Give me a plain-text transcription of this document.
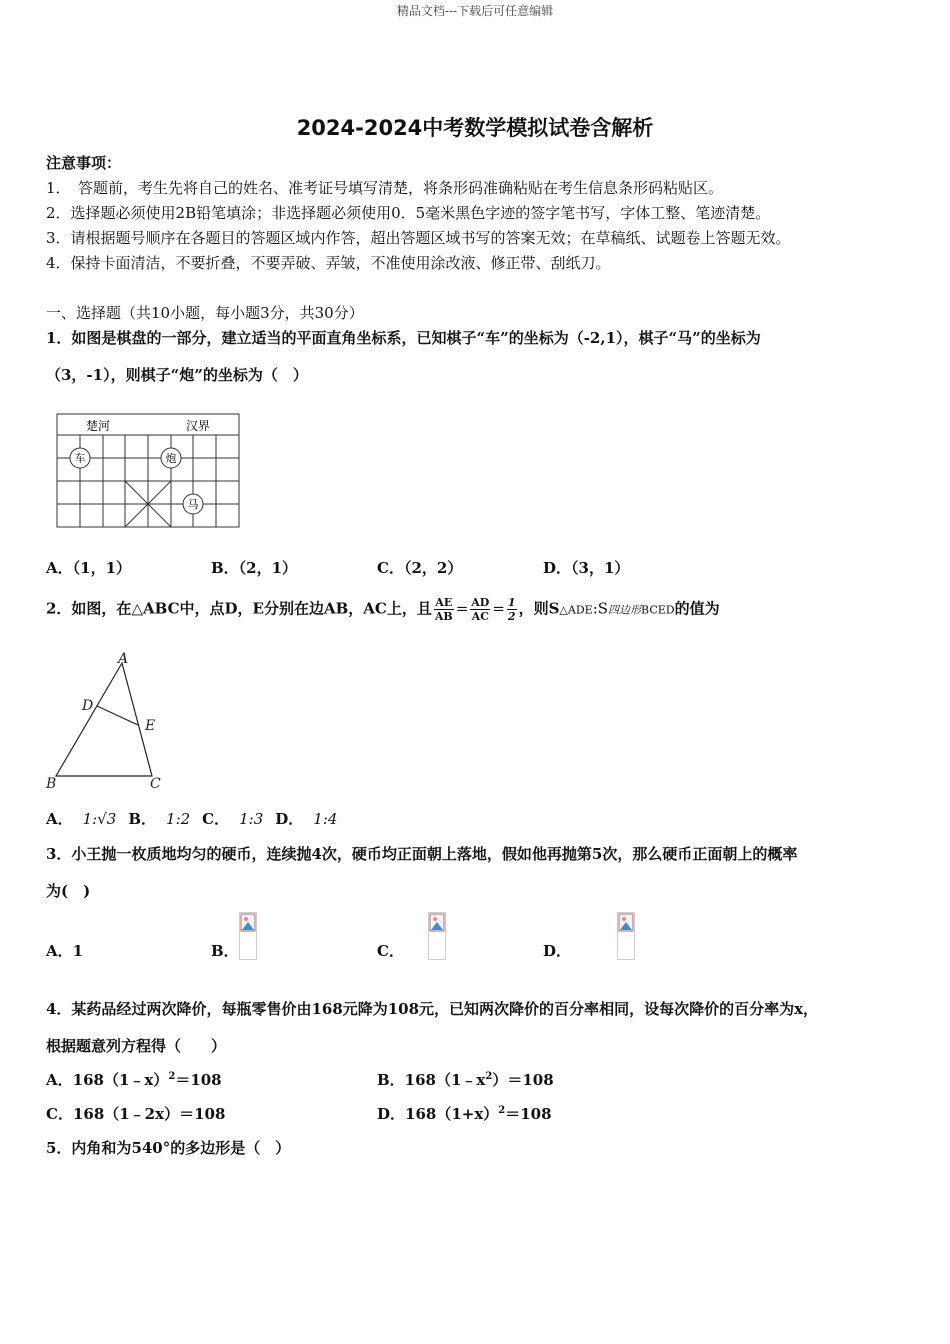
精品文档---下载后可任意编辑
2024-2024中考数学模拟试卷含解析
注意事项：
1．　答题前，考生先将自己的姓名、准考证号填写清楚，将条形码准确粘贴在考生信息条形码粘贴区。
2．选择题必须使用2B铅笔填涂；非选择题必须使用0．5毫米黑色字迹的签字笔书写，字体工整、笔迹清楚。
3．请根据题号顺序在各题目的答题区域内作答，超出答题区域书写的答案无效；在草稿纸、试题卷上答题无效。
4．保持卡面清洁，不要折叠，不要弄破、弄皱，不准使用涂改液、修正带、刮纸刀。
一、选择题（共10小题，每小题3分，共30分）
1．如图是棋盘的一部分，建立适当的平面直角坐标系，已知棋子“车”的坐标为（-2,1），棋子“马”的坐标为
（3，-1），则棋子“炮”的坐标为（　）
楚河	汉界
车	炮
马
A．（1，1）	B．（2，1）	C．（2，2）	D．（3，1）
2．如图，在△ABC中，点D，E分别在边AB，AC上，且 $\frac{AE}{AB} = \frac{AD}{AC} = \frac{1}{2}$ ，则S△ADE:S四边形BCED的值为
A
D
E
B	C
A． 1:√3 B． 1:2 C． 1:3 D． 1:4
3．小王抛一枚质地均匀的硬币，连续抛4次，硬币均正面朝上落地，假如他再抛第5次，那么硬币正面朝上的概率
为(　)
A．1	B．
	C．
	D．
4．某药品经过两次降价，每瓶零售价由168元降为108元，已知两次降价的百分率相同，设每次降价的百分率为x，
根据题意列方程得（　　）
A．168（1﹣x）$^2$＝108	B．$168(1﹣x^2)=108$
C．168（1﹣2x）＝108	D．$168(1+x)^2=108$
5．内角和为540°的多边形是（　）
